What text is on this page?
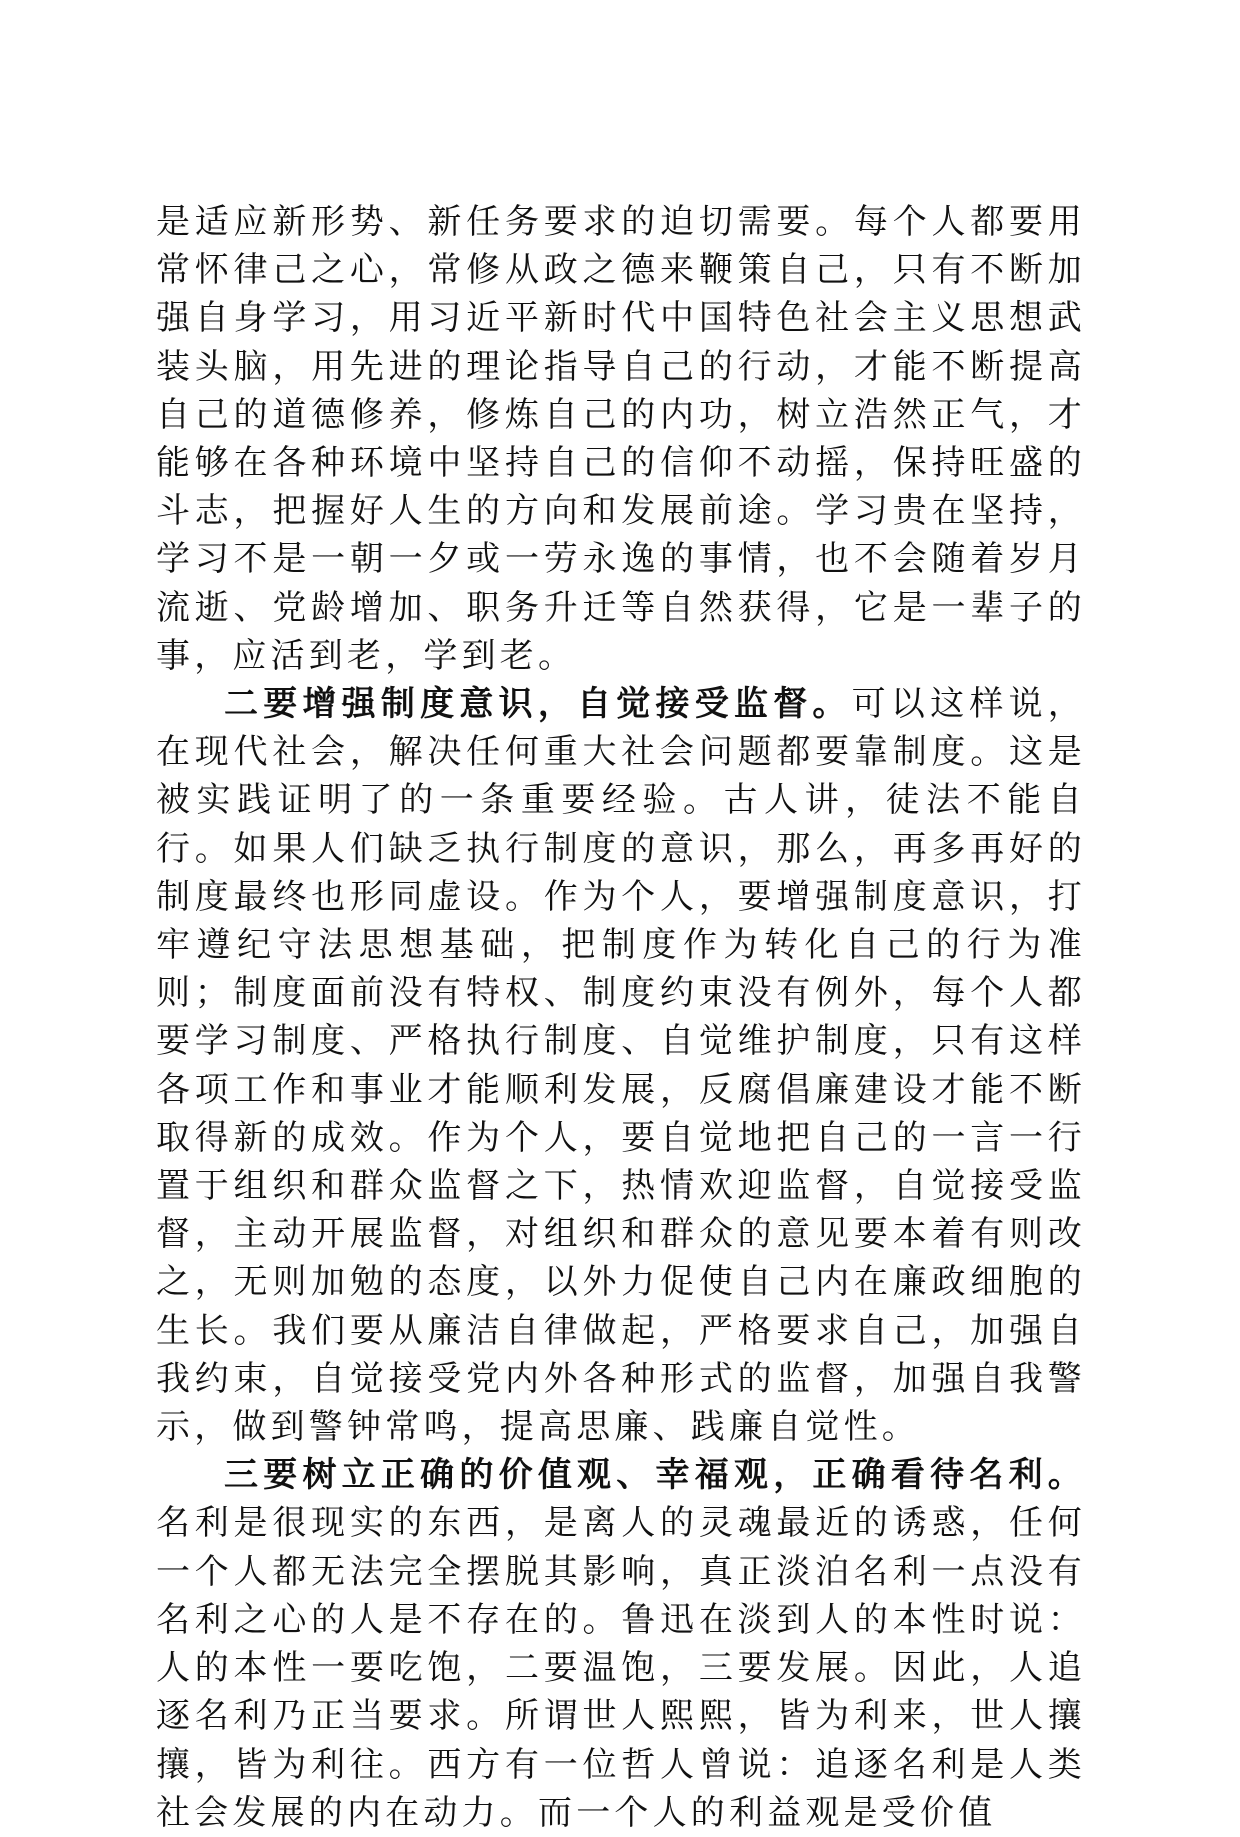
是适应新形势、新任务要求的迫切需要。每个人都要用常怀律己之心，常修从政之德来鞭策自己，只有不断加强自身学习，用习近平新时代中国特色社会主义思想武装头脑，用先进的理论指导自己的行动，才能不断提高自己的道德修养，修炼自己的内功，树立浩然正气，才能够在各种环境中坚持自己的信仰不动摇，保持旺盛的斗志，把握好人生的方向和发展前途。学习贵在坚持，学习不是一朝一夕或一劳永逸的事情，也不会随着岁月流逝、党龄增加、职务升迁等自然获得，它是一辈子的事，应活到老，学到老。

二要增强制度意识，自觉接受监督。可以这样说，在现代社会，解决任何重大社会问题都要靠制度。这是被实践证明了的一条重要经验。古人讲，徒法不能自行。如果人们缺乏执行制度的意识，那么，再多再好的制度最终也形同虚设。作为个人，要增强制度意识，打牢遵纪守法思想基础，把制度作为转化自己的行为准则；制度面前没有特权、制度约束没有例外，每个人都要学习制度、严格执行制度、自觉维护制度，只有这样各项工作和事业才能顺利发展，反腐倡廉建设才能不断取得新的成效。作为个人，要自觉地把自己的一言一行置于组织和群众监督之下，热情欢迎监督，自觉接受监督，主动开展监督，对组织和群众的意见要本着有则改之，无则加勉的态度，以外力促使自己内在廉政细胞的生长。我们要从廉洁自律做起，严格要求自己，加强自我约束，自觉接受党内外各种形式的监督，加强自我警示，做到警钟常鸣，提高思廉、践廉自觉性。

三要树立正确的价值观、幸福观，正确看待名利。名利是很现实的东西，是离人的灵魂最近的诱惑，任何一个人都无法完全摆脱其影响，真正淡泊名利一点没有名利之心的人是不存在的。鲁迅在淡到人的本性时说：人的本性一要吃饱，二要温饱，三要发展。因此，人追逐名利乃正当要求。所谓世人熙熙，皆为利来，世人攘攘，皆为利往。西方有一位哲人曾说：追逐名利是人类社会发展的内在动力。而一个人的利益观是受价值
